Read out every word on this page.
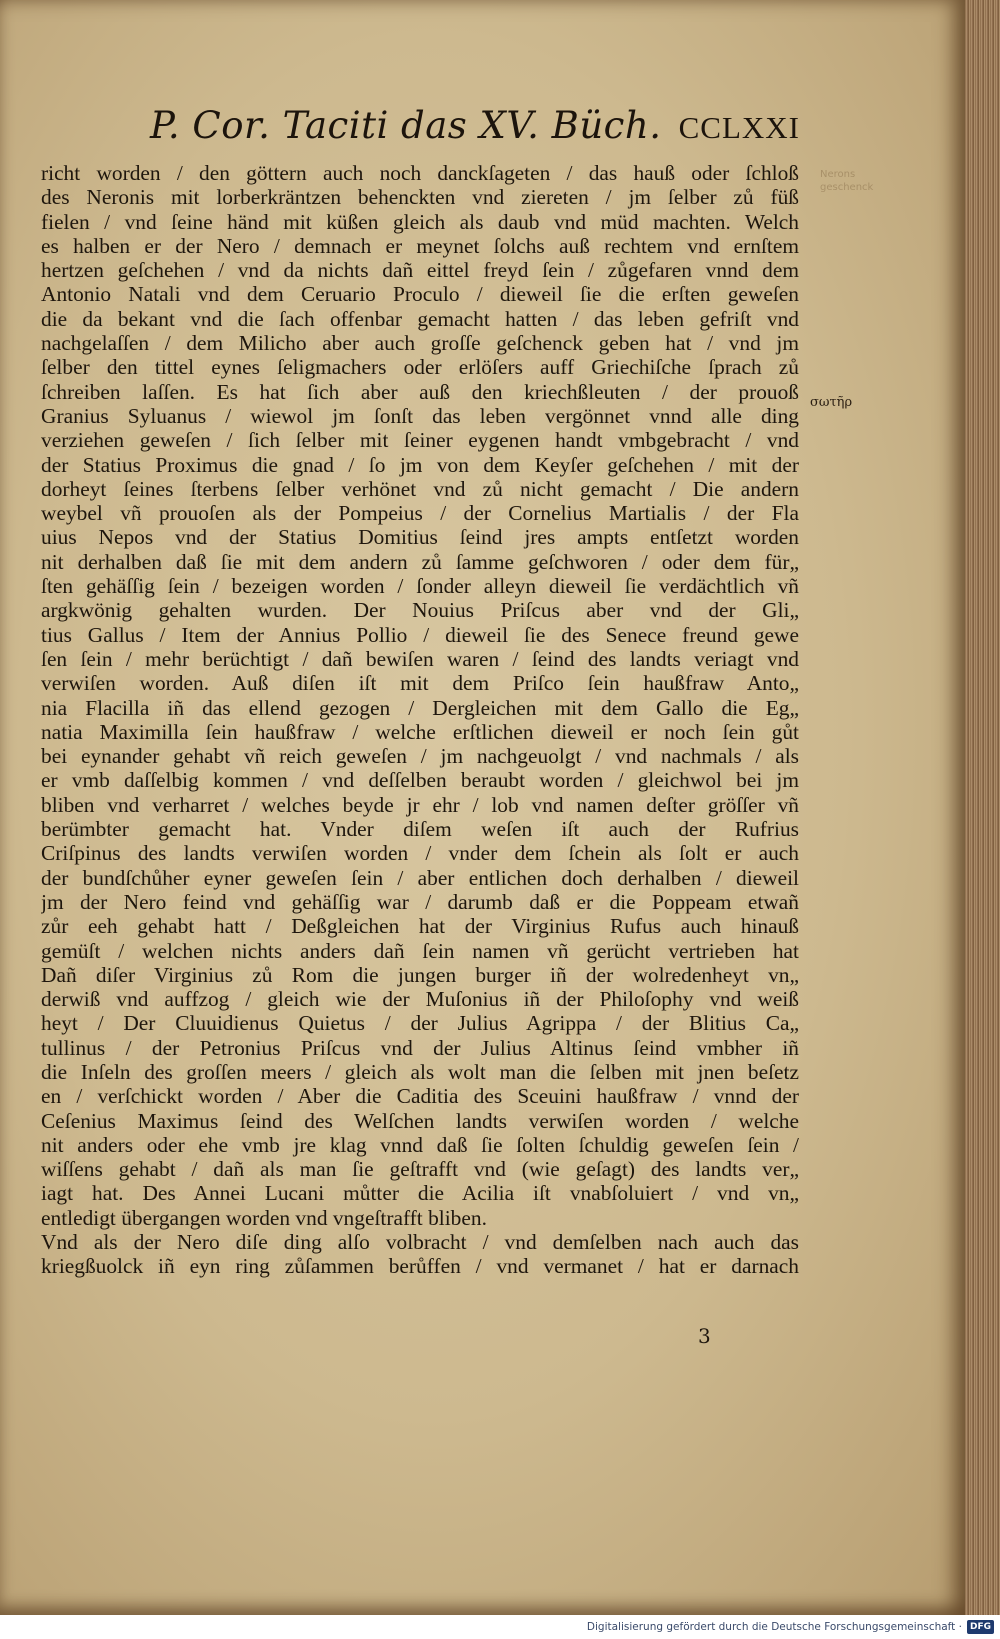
P. Cor. Taciti das XV. Büch. CCLXXI
Nerons geschenck
richt worden / den göttern auch noch danckſageten / das hauß oder ſchloß
des Neronis mit lorberkräntzen behenckten vnd ziereten / jm ſelber zů füß
fielen / vnd ſeine händ mit küßen gleich als daub vnd müd machten. Welch
es halben er der Nero / demnach er meynet ſolchs auß rechtem vnd ernſtem
hertzen geſchehen / vnd da nichts dañ eittel freyd ſein / zůgefaren vnnd dem
Antonio Natali vnd dem Ceruario Proculo / dieweil ſie die erſten geweſen
die da bekant vnd die ſach offenbar gemacht hatten / das leben gefriſt vnd
nachgelaſſen / dem Milicho aber auch groſſe geſchenck geben hat / vnd jm
ſelber den tittel eynes ſeligmachers oder erlöſers auff Griechiſche ſprach zů
ſchreiben laſſen. Es hat ſich aber auß den kriechßleuten / der prouoß
Granius Syluanus / wiewol jm ſonſt das leben vergönnet vnnd alle ding
verziehen geweſen / ſich ſelber mit ſeiner eygenen handt vmbgebracht / vnd
der Statius Proximus die gnad / ſo jm von dem Keyſer geſchehen / mit der
dorheyt ſeines ſterbens ſelber verhönet vnd zů nicht gemacht / Die andern
weybel vñ prouoſen als der Pompeius / der Cornelius Martialis / der Fla
uius Nepos vnd der Statius Domitius ſeind jres ampts entſetzt worden
nit derhalben daß ſie mit dem andern zů ſamme geſchworen / oder dem für„
ſten gehäſſig ſein / bezeigen worden / ſonder alleyn dieweil ſie verdächtlich vñ
argkwönig gehalten wurden. Der Nouius Priſcus aber vnd der Gli„
tius Gallus / Item der Annius Pollio / dieweil ſie des Senece freund gewe
ſen ſein / mehr berüchtigt / dañ bewiſen waren / ſeind des landts veriagt vnd
verwiſen worden. Auß diſen iſt mit dem Priſco ſein haußfraw Anto„
nia Flacilla iñ das ellend gezogen / Dergleichen mit dem Gallo die Eg„
natia Maximilla ſein haußfraw / welche erſtlichen dieweil er noch ſein gůt
bei eynander gehabt vñ reich geweſen / jm nachgeuolgt / vnd nachmals / als
er vmb daſſelbig kommen / vnd deſſelben beraubt worden / gleichwol bei jm
bliben vnd verharret / welches beyde jr ehr / lob vnd namen deſter gröſſer vñ
berümbter gemacht hat. Vnder diſem weſen iſt auch der Rufrius
Criſpinus des landts verwiſen worden / vnder dem ſchein als ſolt er auch
der bundſchůher eyner geweſen ſein / aber entlichen doch derhalben / dieweil
jm der Nero feind vnd gehäſſig war / darumb daß er die Poppeam etwañ
zůr eeh gehabt hatt / Deßgleichen hat der Virginius Rufus auch hinauß
gemüſt / welchen nichts anders dañ ſein namen vñ gerücht vertrieben hat
Dañ diſer Virginius zů Rom die jungen burger iñ der wolredenheyt vn„
derwiß vnd auffzog / gleich wie der Muſonius iñ der Philoſophy vnd weiß
heyt / Der Cluuidienus Quietus / der Julius Agrippa / der Blitius Ca„
tullinus / der Petronius Priſcus vnd der Julius Altinus ſeind vmbher iñ
die Inſeln des groſſen meers / gleich als wolt man die ſelben mit jnen beſetz
en / verſchickt worden / Aber die Caditia des Sceuini haußfraw / vnnd der
Ceſenius Maximus ſeind des Welſchen landts verwiſen worden / welche
nit anders oder ehe vmb jre klag vnnd daß ſie ſolten ſchuldig geweſen ſein /
wiſſens gehabt / dañ als man ſie geſtrafft vnd (wie geſagt) des landts ver„
iagt hat. Des Annei Lucani můtter die Acilia iſt vnabſoluiert / vnd vn„
entledigt übergangen worden vnd vngeſtrafft bliben.
Vnd als der Nero diſe ding alſo volbracht / vnd demſelben nach auch das
kriegßuolck iñ eyn ring zůſammen berůffen / vnd vermanet / hat er darnach
σωτῆρ
3
Digitalisierung gefördert durch die Deutsche Forschungsgemeinschaft · DFG
